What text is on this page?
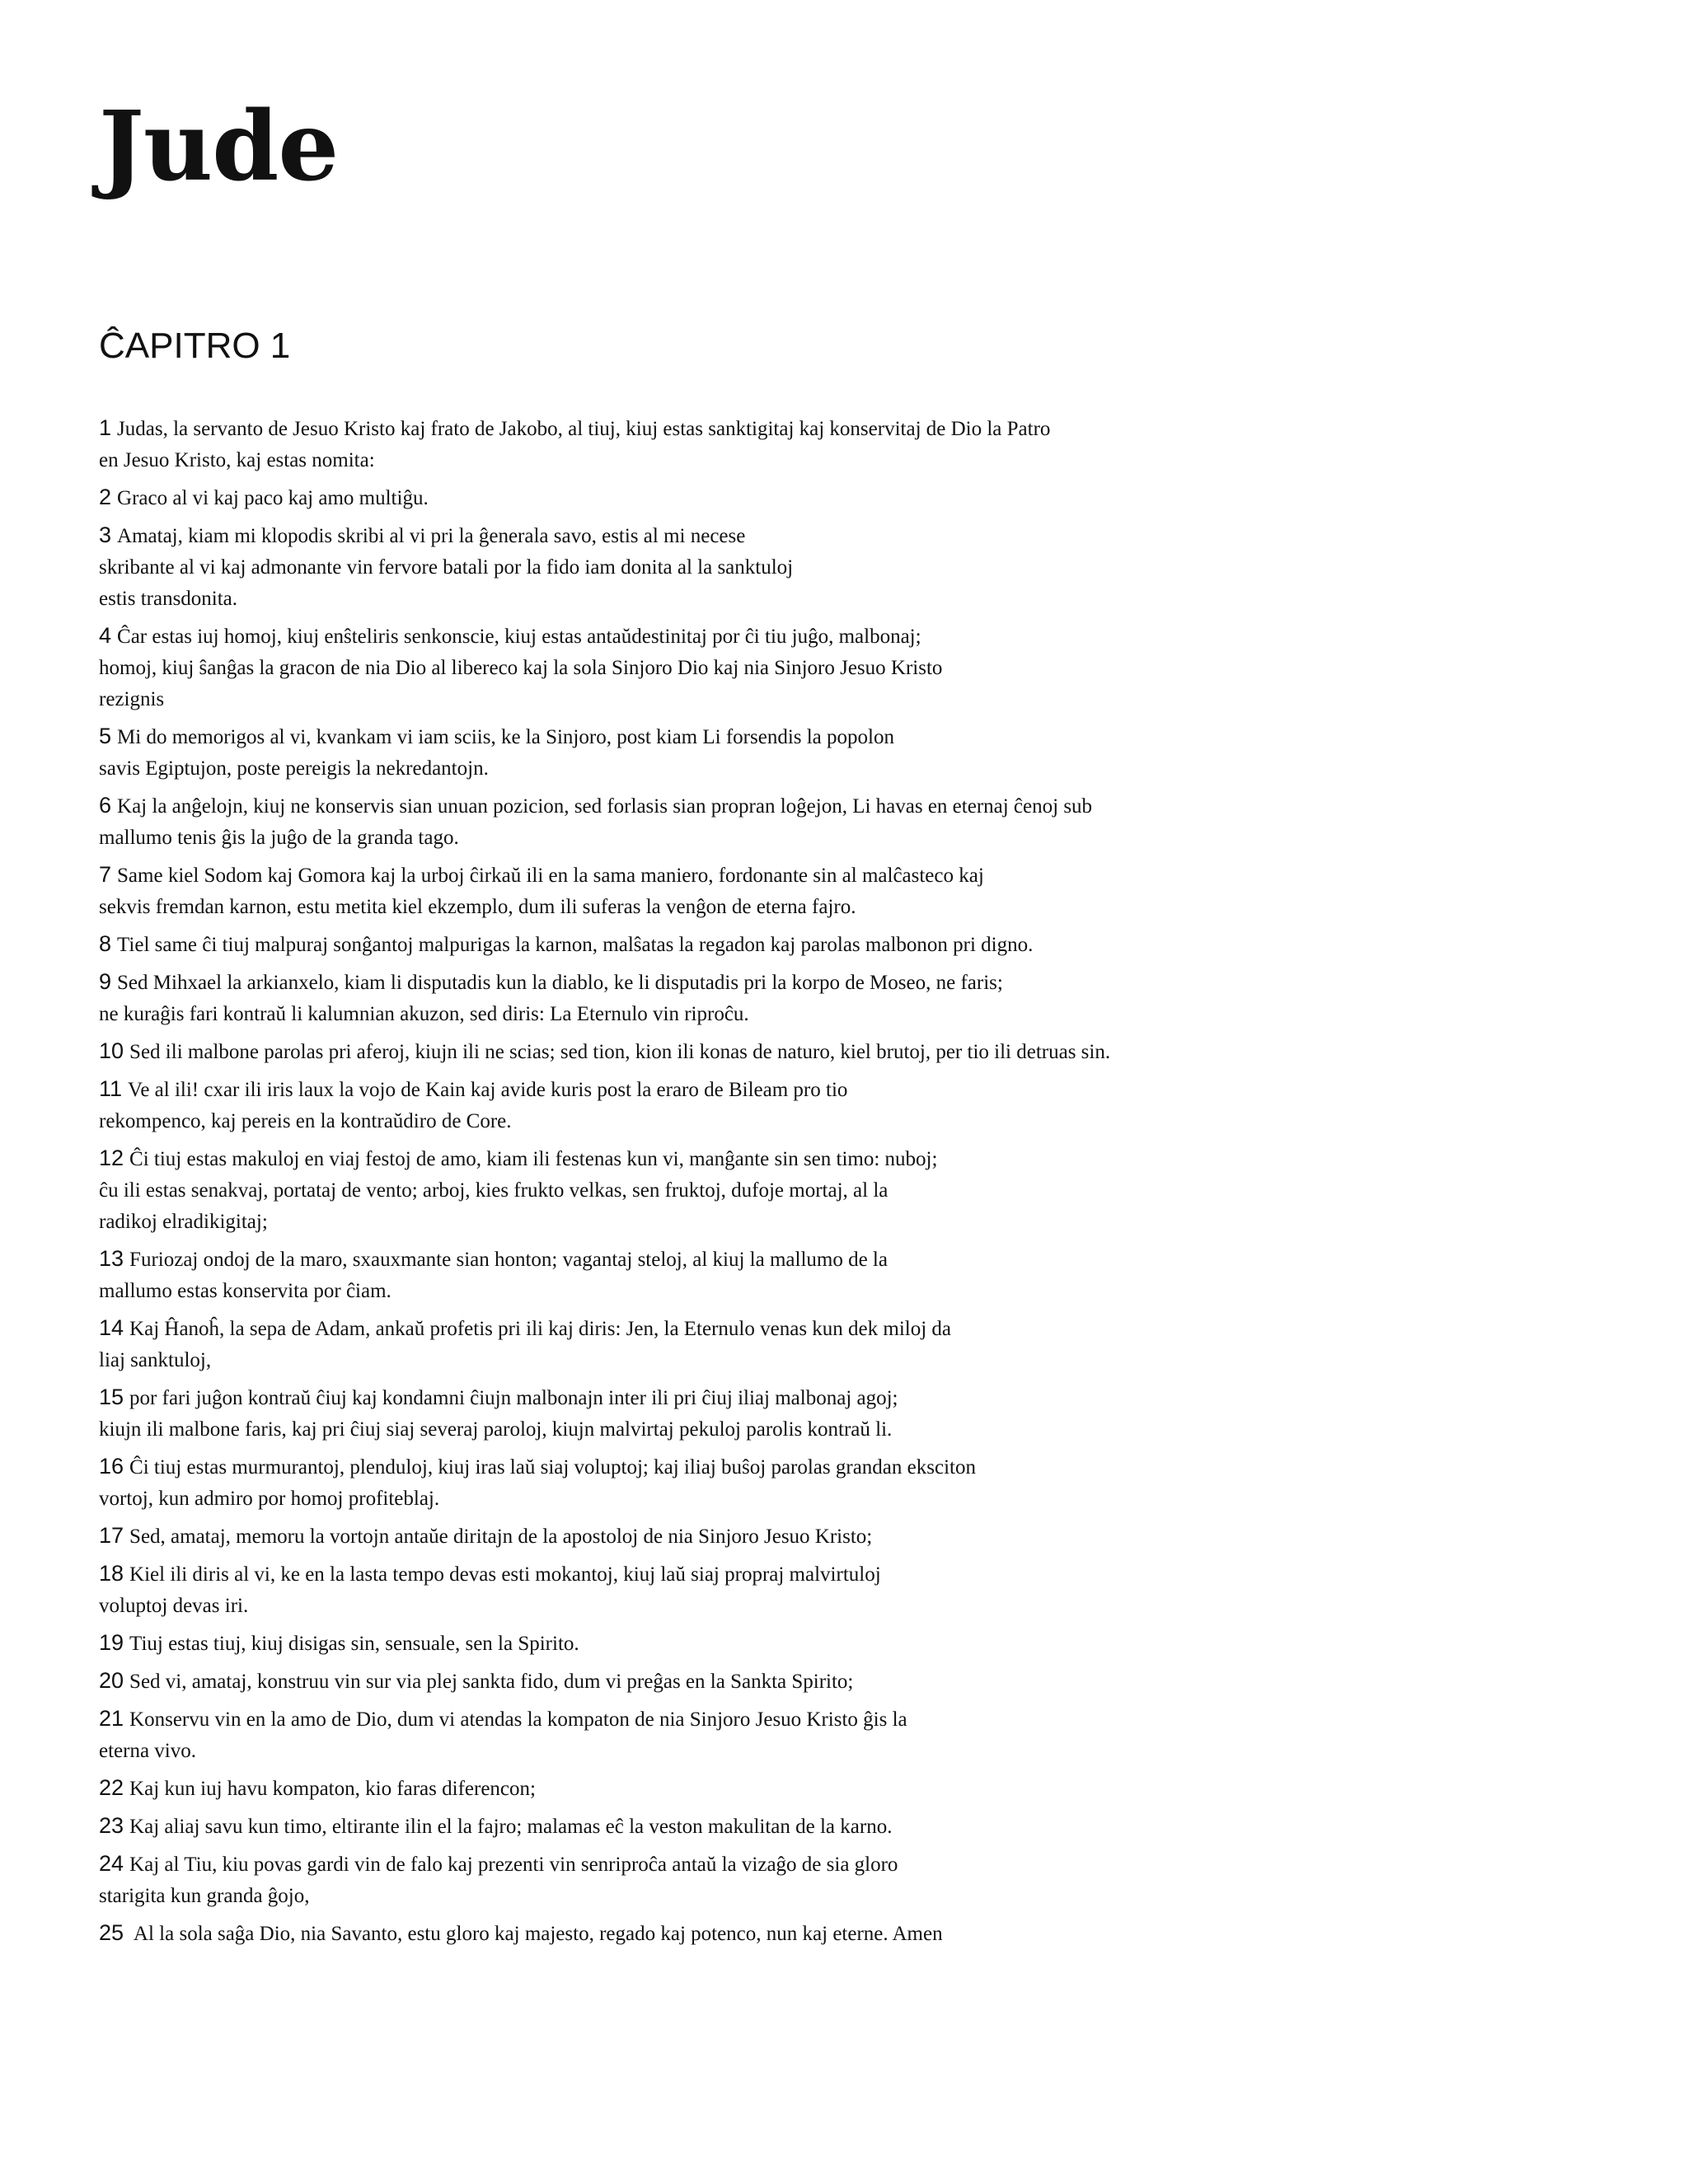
Jude
ĈAPITRO 1

1 Judas, la servanto de Jesuo Kristo kaj frato de Jakobo, al tiuj, kiuj estas sanktigitaj kaj konservitaj de Dio la Patro
en Jesuo Kristo, kaj estas nomita:

2 Graco al vi kaj paco kaj amo multiĝu.

3 Amataj, kiam mi klopodis skribi al vi pri la ĝenerala savo, estis al mi necese
skribante al vi kaj admonante vin fervore batali por la fido iam donita al la sanktuloj
estis transdonita.

4 Ĉar estas iuj homoj, kiuj enŝteliris senkonscie, kiuj estas antaŭdestinitaj por ĉi tiu juĝo, malbonaj;
homoj, kiuj ŝanĝas la gracon de nia Dio al libereco kaj la sola Sinjoro Dio kaj nia Sinjoro Jesuo Kristo
rezignis

5 Mi do memorigos al vi, kvankam vi iam sciis, ke la Sinjoro, post kiam Li forsendis la popolon
savis Egiptujon, poste pereigis la nekredantojn.

6 Kaj la anĝelojn, kiuj ne konservis sian unuan pozicion, sed forlasis sian propran loĝejon, Li havas en eternaj ĉenoj sub
mallumo tenis ĝis la juĝo de la granda tago.

7 Same kiel Sodom kaj Gomora kaj la urboj ĉirkaŭ ili en la sama maniero, fordonante sin al malĉasteco kaj
sekvis fremdan karnon, estu metita kiel ekzemplo, dum ili suferas la venĝon de eterna fajro.

8 Tiel same ĉi tiuj malpuraj sonĝantoj malpurigas la karnon, malŝatas la regadon kaj parolas malbonon pri digno.

9 Sed Mihxael la arkianxelo, kiam li disputadis kun la diablo, ke li disputadis pri la korpo de Moseo, ne faris;
ne kuraĝis fari kontraŭ li kalumnian akuzon, sed diris: La Eternulo vin riproĉu.

10 Sed ili malbone parolas pri aferoj, kiujn ili ne scias; sed tion, kion ili konas de naturo, kiel brutoj, per tio ili detruas sin.

11 Ve al ili! cxar ili iris laux la vojo de Kain kaj avide kuris post la eraro de Bileam pro tio
rekompenco, kaj pereis en la kontraŭdiro de Core.

12 Ĉi tiuj estas makuloj en viaj festoj de amo, kiam ili festenas kun vi, manĝante sin sen timo: nuboj;
ĉu ili estas senakvaj, portataj de vento; arboj, kies frukto velkas, sen fruktoj, dufoje mortaj, al la
radikoj elradikigitaj;

13 Furiozaj ondoj de la maro, sxauxmante sian honton; vagantaj steloj, al kiuj la mallumo de la
mallumo estas konservita por ĉiam.

14 Kaj Ĥanoĥ, la sepa de Adam, ankaŭ profetis pri ili kaj diris: Jen, la Eternulo venas kun dek miloj da
liaj sanktuloj,

15 por fari juĝon kontraŭ ĉiuj kaj kondamni ĉiujn malbonajn inter ili pri ĉiuj iliaj malbonaj agoj;
kiujn ili malbone faris, kaj pri ĉiuj siaj severaj paroloj, kiujn malvirtaj pekuloj parolis kontraŭ li.

16 Ĉi tiuj estas murmurantoj, plenduloj, kiuj iras laŭ siaj voluptoj; kaj iliaj buŝoj parolas grandan eksciton
vortoj, kun admiro por homoj profiteblaj.

17 Sed, amataj, memoru la vortojn antaŭe diritajn de la apostoloj de nia Sinjoro Jesuo Kristo;

18 Kiel ili diris al vi, ke en la lasta tempo devas esti mokantoj, kiuj laŭ siaj propraj malvirtuloj
voluptoj devas iri.

19 Tiuj estas tiuj, kiuj disigas sin, sensuale, sen la Spirito.

20 Sed vi, amataj, konstruu vin sur via plej sankta fido, dum vi preĝas en la Sankta Spirito;

21 Konservu vin en la amo de Dio, dum vi atendas la kompaton de nia Sinjoro Jesuo Kristo ĝis la
eterna vivo.

22 Kaj kun iuj havu kompaton, kio faras diferencon;

23 Kaj aliaj savu kun timo, eltirante ilin el la fajro; malamas eĉ la veston makulitan de la karno.

24 Kaj al Tiu, kiu povas gardi vin de falo kaj prezenti vin senriproĉa antaŭ la vizaĝo de sia gloro
starigita kun granda ĝojo,

25 Al la sola saĝa Dio, nia Savanto, estu gloro kaj majesto, regado kaj potenco, nun kaj eterne. Amen
